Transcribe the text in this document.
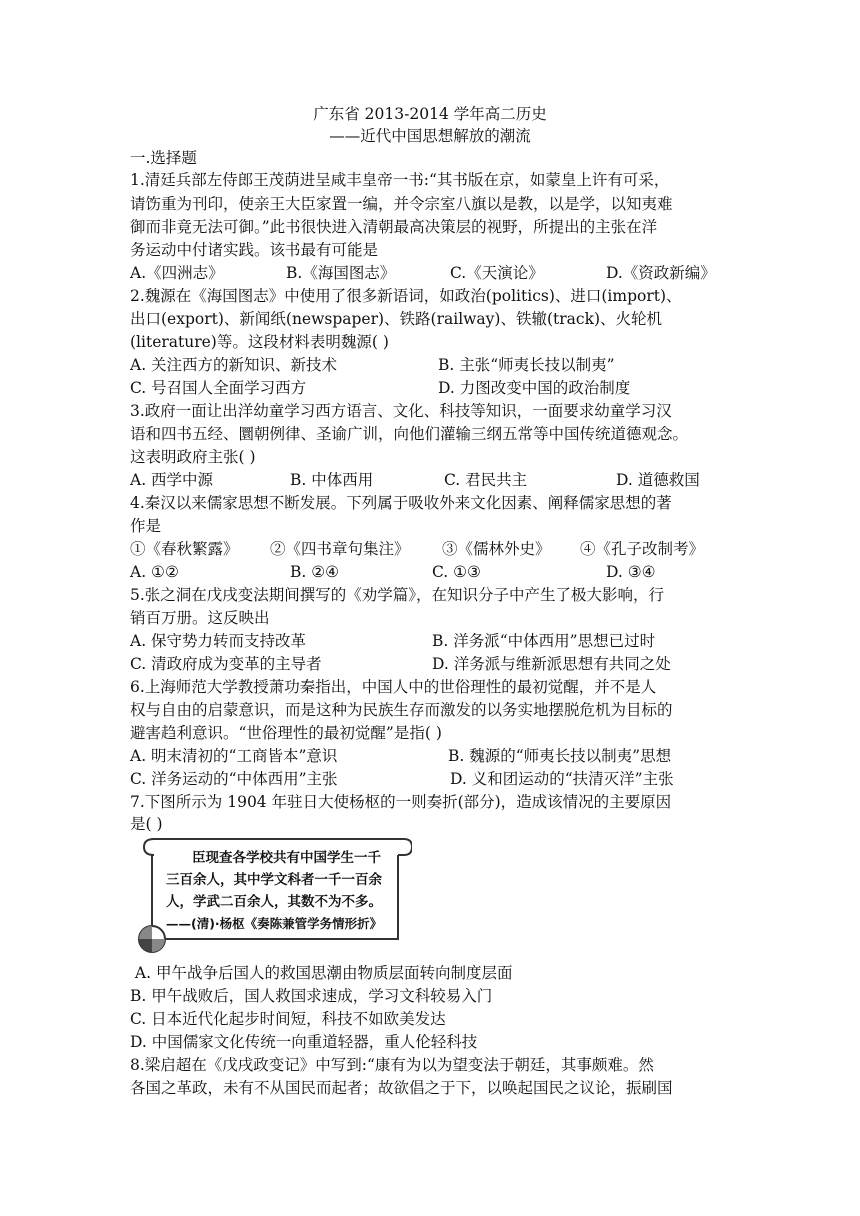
广东省 2013-2014 学年高二历史
——近代中国思想解放的潮流
一.选择题
1.清廷兵部左侍郎王茂荫进呈咸丰皇帝一书:“其书版在京，如蒙皇上许有可采，
请饬重为刊印，使亲王大臣家置一编，并令宗室八旗以是教，以是学，以知夷难
御而非竟无法可御。”此书很快进入清朝最高决策层的视野，所提出的主张在洋
务运动中付诸实践。该书最有可能是
A.《四洲志》	B.《海国图志》	C.《天演论》	D.《资政新编》
2.魏源在《海国图志》中使用了很多新语词，如政治(politics)、进口(import)、
出口(export)、新闻纸(newspaper)、铁路(railway)、铁辙(track)、火轮机
(literature)等。这段材料表明魏源( )
A. 关注西方的新知识、新技术	B. 主张“师夷长技以制夷”
C. 号召国人全面学习西方	D. 力图改变中国的政治制度
3.政府一面让出洋幼童学习西方语言、文化、科技等知识，一面要求幼童学习汉
语和四书五经、圜朝例律、圣谕广训，向他们灌输三纲五常等中国传统道德观念。
这表明政府主张( )
A. 西学中源	B. 中体西用	C. 君民共主	D. 道德救国
4.秦汉以来儒家思想不断发展。下列属于吸收外来文化因素、阐释儒家思想的著
作是
①《春秋繁露》 ②《四书章句集注》 ③《儒林外史》 ④《孔子改制考》
A. ①②	B. ②④	C. ①③	D. ③④
5.张之洞在戊戌变法期间撰写的《劝学篇》，在知识分子中产生了极大影响，行
销百万册。这反映出
A. 保守势力转而支持改革	B. 洋务派“中体西用”思想已过时
C. 清政府成为变革的主导者	D. 洋务派与维新派思想有共同之处
6.上海师范大学教授萧功秦指出，中国人中的世俗理性的最初觉醒，并不是人
权与自由的启蒙意识，而是这种为民族生存而激发的以务实地摆脱危机为目标的
避害趋利意识。“世俗理性的最初觉醒”是指( )
A. 明末清初的“工商皆本”意识	B. 魏源的“师夷长技以制夷”思想
C. 洋务运动的“中体西用”主张	D. 义和团运动的“扶清灭洋”主张
7.下图所示为 1904 年驻日大使杨枢的一则奏折(部分)，造成该情况的主要原因
是( )
臣现查各学校共有中国学生一千
三百余人，其中学文科者一千一百余
人，学武二百余人，其数不为不多。
——(清)·杨枢《奏陈兼管学务情形折》
A. 甲午战争后国人的救国思潮由物质层面转向制度层面
B. 甲午战败后，国人救国求速成，学习文科较易入门
C. 日本近代化起步时间短，科技不如欧美发达
D. 中国儒家文化传统一向重道轻器，重人伦轻科技
8.梁启超在《戊戌政变记》中写到:“康有为以为望变法于朝廷，其事颇难。然
各国之革政，未有不从国民而起者；故欲倡之于下，以唤起国民之议论，振刷国
